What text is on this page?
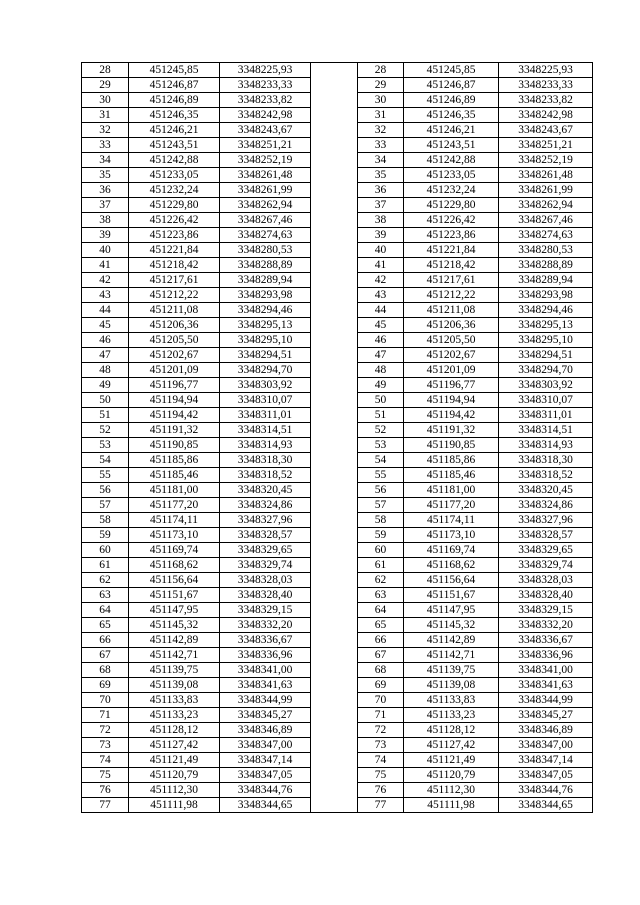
28	451245,85	3348225,93		28	451245,85	3348225,93
29	451246,87	3348233,33		29	451246,87	3348233,33
30	451246,89	3348233,82		30	451246,89	3348233,82
31	451246,35	3348242,98		31	451246,35	3348242,98
32	451246,21	3348243,67		32	451246,21	3348243,67
33	451243,51	3348251,21		33	451243,51	3348251,21
34	451242,88	3348252,19		34	451242,88	3348252,19
35	451233,05	3348261,48		35	451233,05	3348261,48
36	451232,24	3348261,99		36	451232,24	3348261,99
37	451229,80	3348262,94		37	451229,80	3348262,94
38	451226,42	3348267,46		38	451226,42	3348267,46
39	451223,86	3348274,63		39	451223,86	3348274,63
40	451221,84	3348280,53		40	451221,84	3348280,53
41	451218,42	3348288,89		41	451218,42	3348288,89
42	451217,61	3348289,94		42	451217,61	3348289,94
43	451212,22	3348293,98		43	451212,22	3348293,98
44	451211,08	3348294,46		44	451211,08	3348294,46
45	451206,36	3348295,13		45	451206,36	3348295,13
46	451205,50	3348295,10		46	451205,50	3348295,10
47	451202,67	3348294,51		47	451202,67	3348294,51
48	451201,09	3348294,70		48	451201,09	3348294,70
49	451196,77	3348303,92		49	451196,77	3348303,92
50	451194,94	3348310,07		50	451194,94	3348310,07
51	451194,42	3348311,01		51	451194,42	3348311,01
52	451191,32	3348314,51		52	451191,32	3348314,51
53	451190,85	3348314,93		53	451190,85	3348314,93
54	451185,86	3348318,30		54	451185,86	3348318,30
55	451185,46	3348318,52		55	451185,46	3348318,52
56	451181,00	3348320,45		56	451181,00	3348320,45
57	451177,20	3348324,86		57	451177,20	3348324,86
58	451174,11	3348327,96		58	451174,11	3348327,96
59	451173,10	3348328,57		59	451173,10	3348328,57
60	451169,74	3348329,65		60	451169,74	3348329,65
61	451168,62	3348329,74		61	451168,62	3348329,74
62	451156,64	3348328,03		62	451156,64	3348328,03
63	451151,67	3348328,40		63	451151,67	3348328,40
64	451147,95	3348329,15		64	451147,95	3348329,15
65	451145,32	3348332,20		65	451145,32	3348332,20
66	451142,89	3348336,67		66	451142,89	3348336,67
67	451142,71	3348336,96		67	451142,71	3348336,96
68	451139,75	3348341,00		68	451139,75	3348341,00
69	451139,08	3348341,63		69	451139,08	3348341,63
70	451133,83	3348344,99		70	451133,83	3348344,99
71	451133,23	3348345,27		71	451133,23	3348345,27
72	451128,12	3348346,89		72	451128,12	3348346,89
73	451127,42	3348347,00		73	451127,42	3348347,00
74	451121,49	3348347,14		74	451121,49	3348347,14
75	451120,79	3348347,05		75	451120,79	3348347,05
76	451112,30	3348344,76		76	451112,30	3348344,76
77	451111,98	3348344,65		77	451111,98	3348344,65
